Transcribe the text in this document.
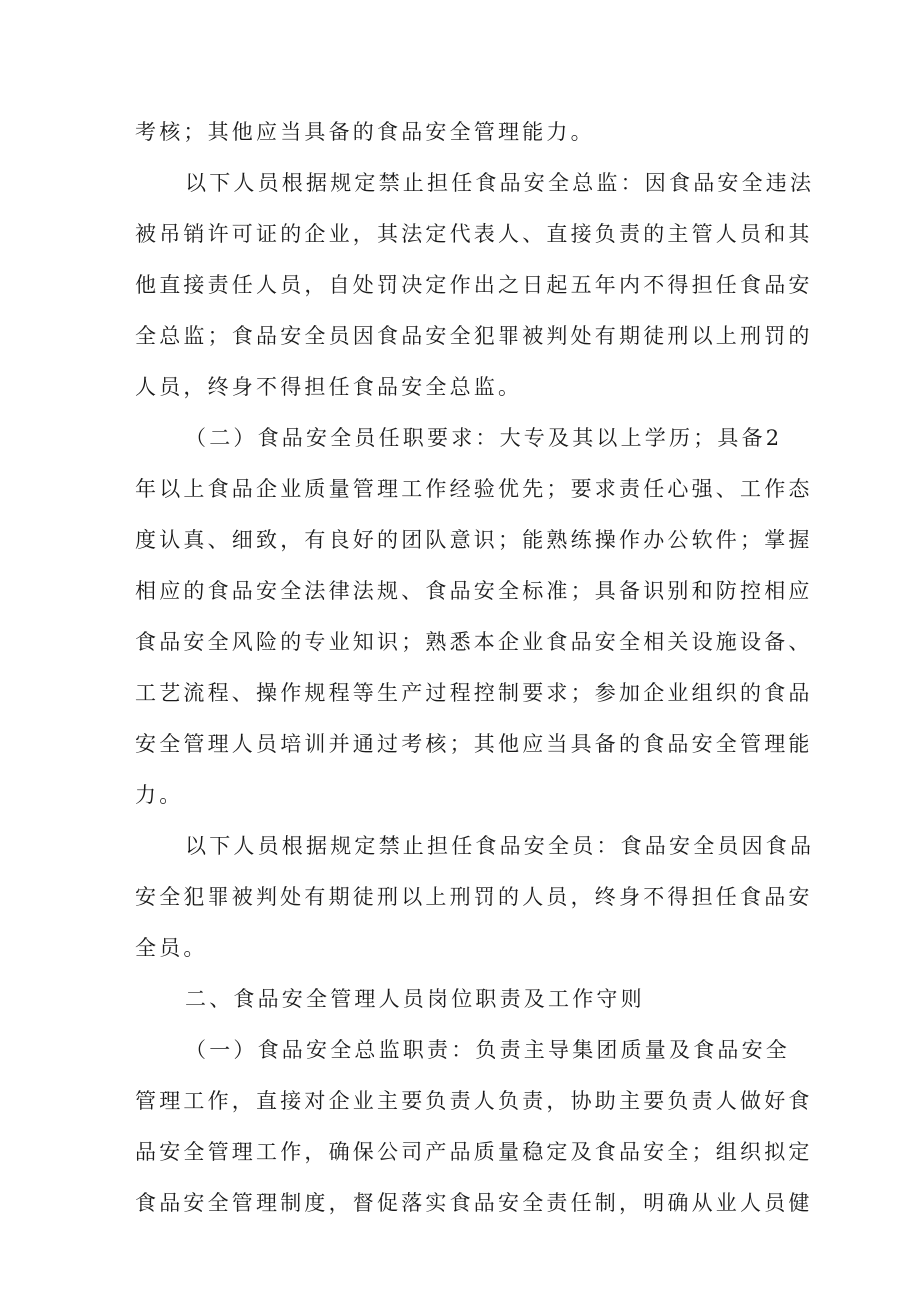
考核；其他应当具备的食品安全管理能力。

以下人员根据规定禁止担任食品安全总监：因食品安全违法

被吊销许可证的企业，其法定代表人、直接负责的主管人员和其

他直接责任人员，自处罚决定作出之日起五年内不得担任食品安

全总监；食品安全员因食品安全犯罪被判处有期徒刑以上刑罚的

人员，终身不得担任食品安全总监。

（二）食品安全员任职要求：大专及其以上学历；具备2

年以上食品企业质量管理工作经验优先；要求责任心强、工作态

度认真、细致，有良好的团队意识；能熟练操作办公软件；掌握

相应的食品安全法律法规、食品安全标准；具备识别和防控相应

食品安全风险的专业知识；熟悉本企业食品安全相关设施设备、

工艺流程、操作规程等生产过程控制要求；参加企业组织的食品

安全管理人员培训并通过考核；其他应当具备的食品安全管理能

力。

以下人员根据规定禁止担任食品安全员：食品安全员因食品

安全犯罪被判处有期徒刑以上刑罚的人员，终身不得担任食品安

全员。

二、食品安全管理人员岗位职责及工作守则

（一）食品安全总监职责：负责主导集团质量及食品安全

管理工作，直接对企业主要负责人负责，协助主要负责人做好食

品安全管理工作，确保公司产品质量稳定及食品安全；组织拟定

食品安全管理制度，督促落实食品安全责任制，明确从业人员健
